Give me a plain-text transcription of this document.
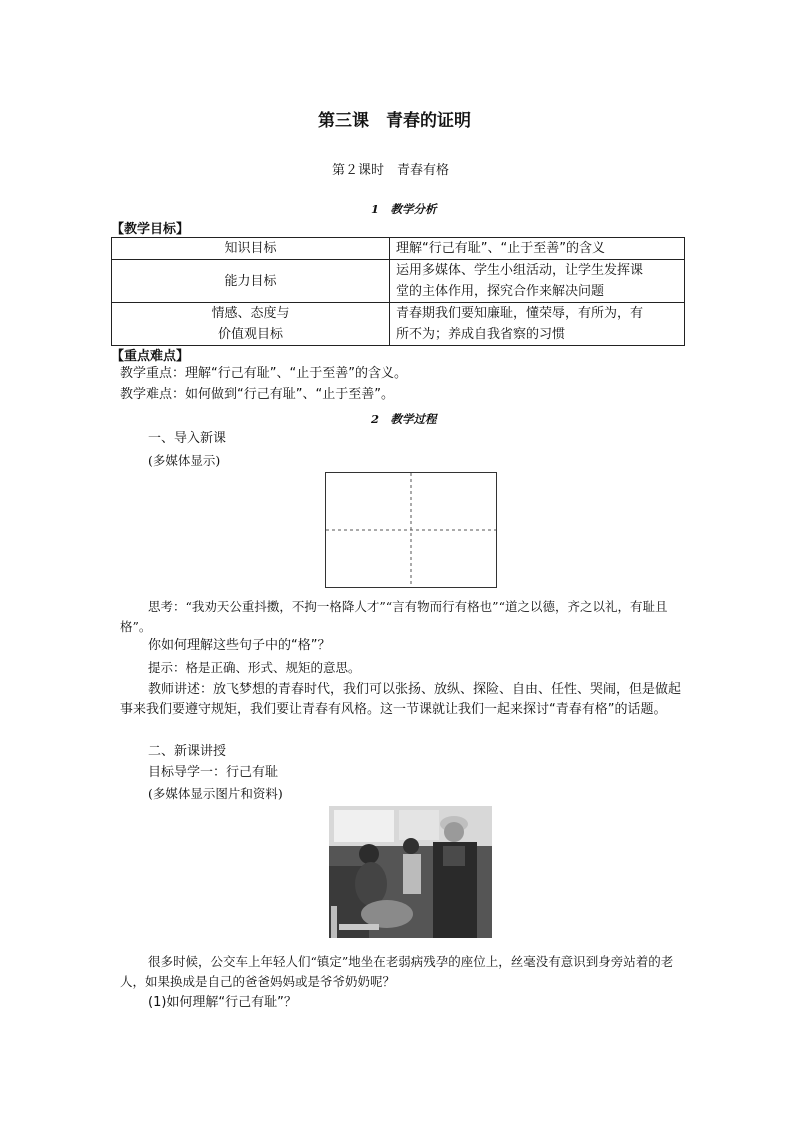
第三课　青春的证明
第２课时　青春有格
1　教学分析
【教学目标】
知识目标	理解“行己有耻”、“止于至善”的含义
能力目标	运用多媒体、学生小组活动，让学生发挥课
堂的主体作用，探究合作来解决问题
情感、态度与
价值观目标	青春期我们要知廉耻，懂荣辱，有所为，有
所不为；养成自我省察的习惯
【重点难点】
教学重点：理解“行己有耻”、“止于至善”的含义。
教学难点：如何做到“行己有耻”、“止于至善”。
2　教学过程
一、导入新课
(多媒体显示)
思考：“我劝天公重抖擞，不拘一格降人才”“言有物而行有格也”“道之以德，齐之以礼，有耻且格”。
你如何理解这些句子中的“格”？
提示：格是正确、形式、规矩的意思。
教师讲述：放飞梦想的青春时代，我们可以张扬、放纵、探险、自由、任性、哭闹，但是做起事来我们要遵守规矩，我们要让青春有风格。这一节课就让我们一起来探讨“青春有格”的话题。
二、新课讲授
目标导学一：行己有耻
(多媒体显示图片和资料)
很多时候，公交车上年轻人们“镇定”地坐在老弱病残孕的座位上，丝毫没有意识到身旁站着的老人，如果换成是自己的爸爸妈妈或是爷爷奶奶呢？
(1)如何理解“行己有耻”？
